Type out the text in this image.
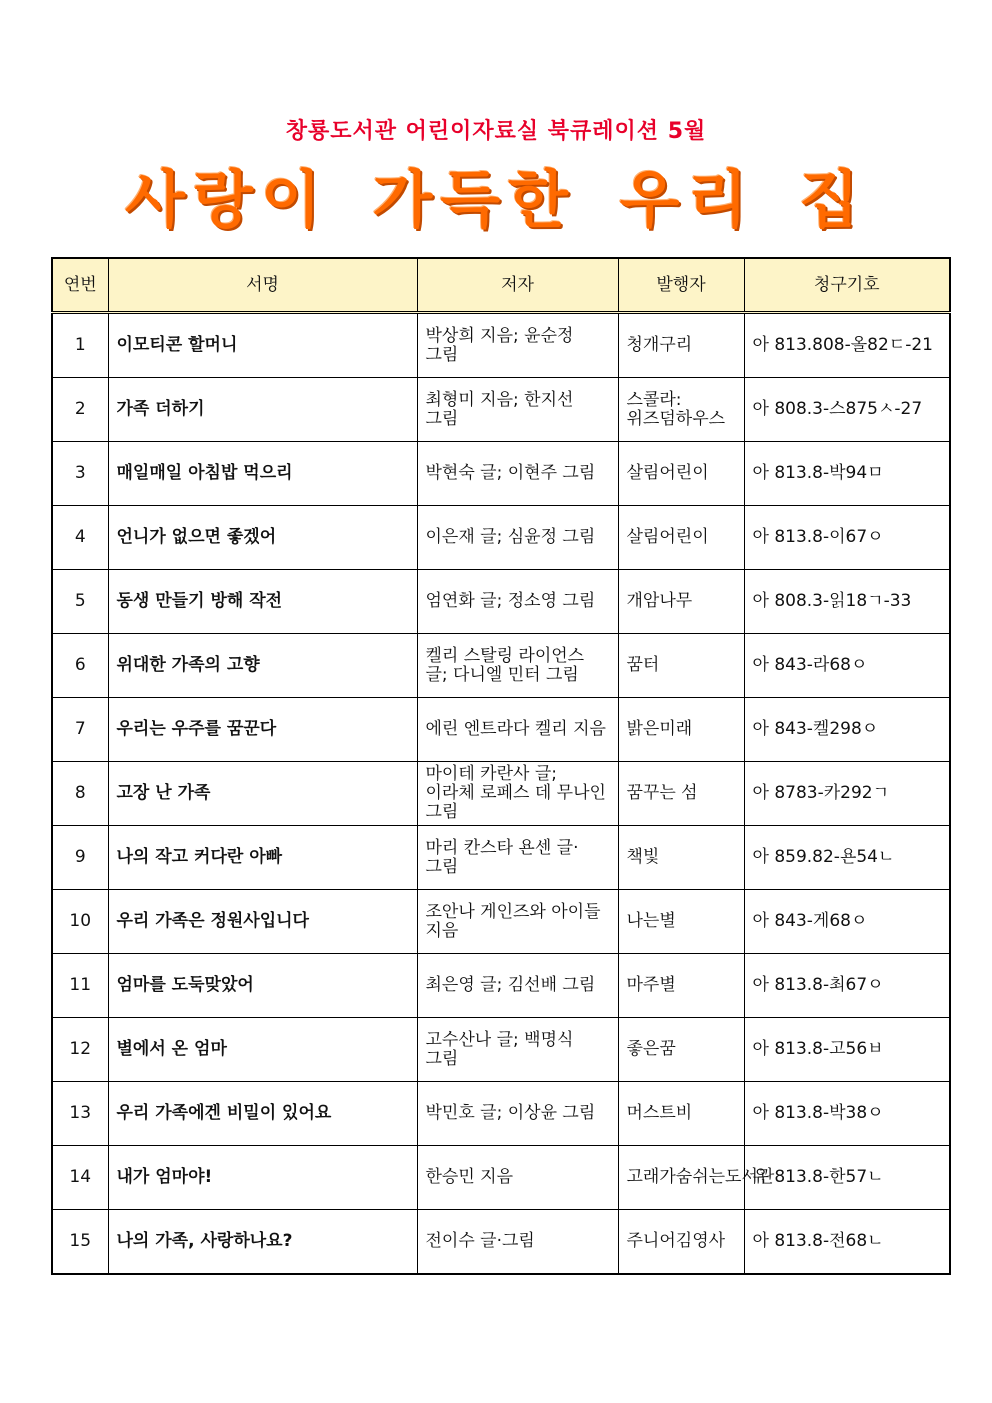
창룡도서관 어린이자료실 북큐레이션 5월
사랑이 가득한 우리 집
연번	서명	저자	발행자	청구기호
1	이모티콘 할머니	박상희 지음; 윤순정 그림	청개구리	아 813.808-올82ㄷ-21
2	가족 더하기	최형미 지음; 한지선 그림	스콜라:위즈덤하우스	아 808.3-스875ㅅ-27
3	매일매일 아침밥 먹으리	박현숙 글; 이현주 그림	살림어린이	아 813.8-박94ㅁ
4	언니가 없으면 좋겠어	이은재 글; 심윤정 그림	살림어린이	아 813.8-이67ㅇ
5	동생 만들기 방해 작전	엄연화 글; 정소영 그림	개암나무	아 808.3-읽18ㄱ-33
6	위대한 가족의 고향	켈리 스탈링 라이언스 글; 다니엘 민터 그림	꿈터	아 843-라68ㅇ
7	우리는 우주를 꿈꾼다	에린 엔트라다 켈리 지음	밝은미래	아 843-켈298ㅇ
8	고장 난 가족	마이테 카란사 글; 이라체 로페스 데 무나인 그림	꿈꾸는 섬	아 8783-카292ㄱ
9	나의 작고 커다란 아빠	마리 칸스타 욘센 글·그림	책빛	아 859.82-욘54ㄴ
10	우리 가족은 정원사입니다	조안나 게인즈와 아이들 지음	나는별	아 843-게68ㅇ
11	엄마를 도둑맞았어	최은영 글; 김선배 그림	마주별	아 813.8-최67ㅇ
12	별에서 온 엄마	고수산나 글; 백명식 그림	좋은꿈	아 813.8-고56ㅂ
13	우리 가족에겐 비밀이 있어요	박민호 글; 이상윤 그림	머스트비	아 813.8-박38ㅇ
14	내가 엄마야!	한승민 지음	고래가숨쉬는도서관	유 813.8-한57ㄴ
15	나의 가족, 사랑하나요?	전이수 글·그림	주니어김영사	아 813.8-전68ㄴ
